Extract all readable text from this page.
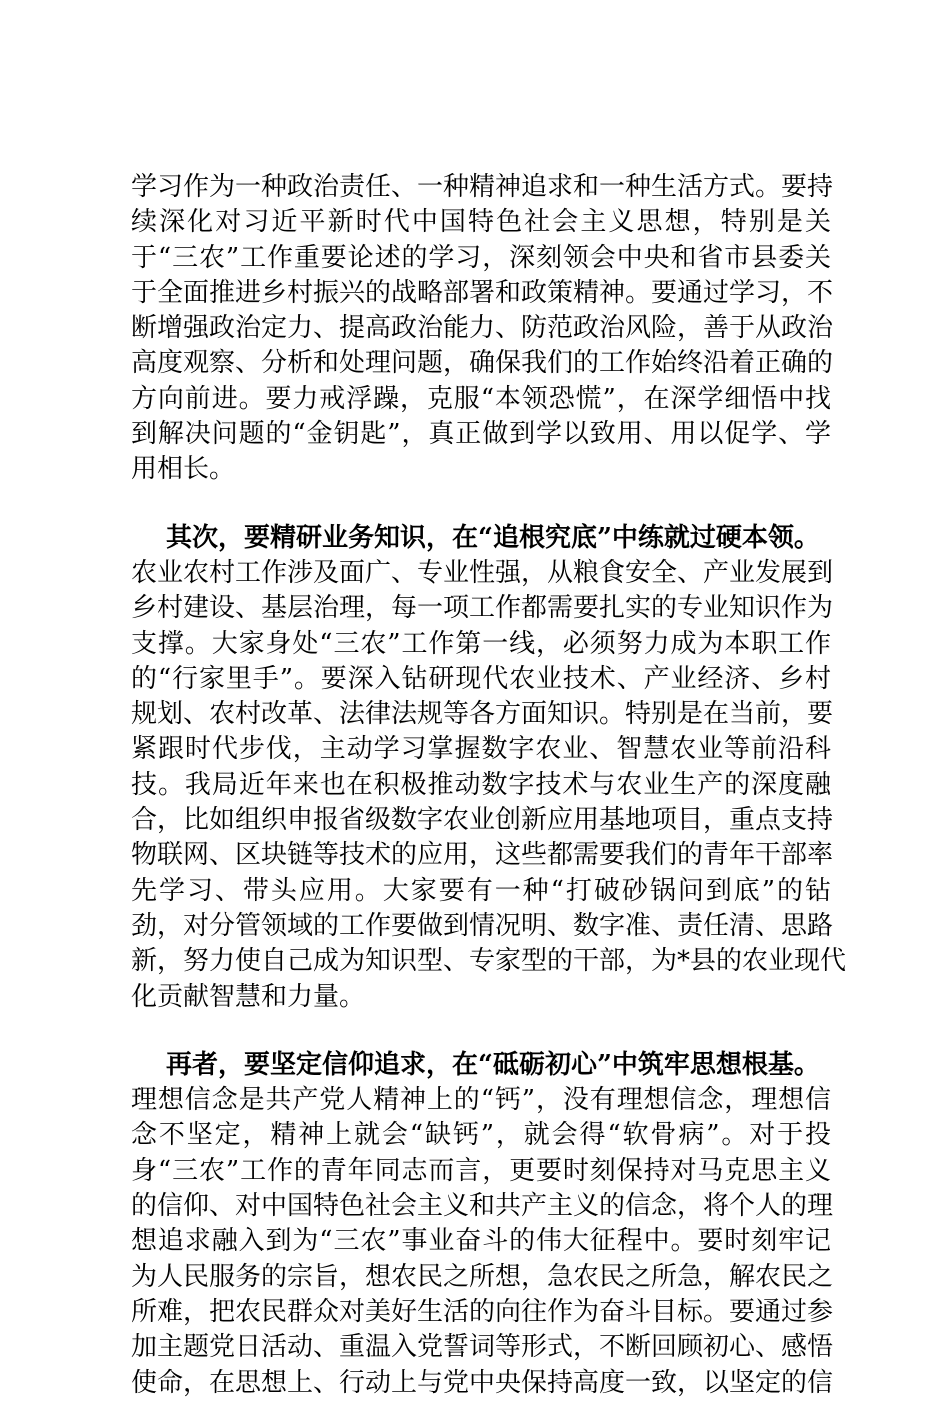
学习作为一种政治责任、一种精神追求和一种生活方式。要持
续深化对习近平新时代中国特色社会主义思想，特别是关
于“三农”工作重要论述的学习，深刻领会中央和省市县委关
于全面推进乡村振兴的战略部署和政策精神。要通过学习，不
断增强政治定力、提高政治能力、防范政治风险，善于从政治
高度观察、分析和处理问题，确保我们的工作始终沿着正确的
方向前进。要力戒浮躁，克服“本领恐慌”，在深学细悟中找
到解决问题的“金钥匙”，真正做到学以致用、用以促学、学
用相长。
其次，要精研业务知识，在“追根究底”中练就过硬本领。
农业农村工作涉及面广、专业性强，从粮食安全、产业发展到
乡村建设、基层治理，每一项工作都需要扎实的专业知识作为
支撑。大家身处“三农”工作第一线，必须努力成为本职工作
的“行家里手”。要深入钻研现代农业技术、产业经济、乡村
规划、农村改革、法律法规等各方面知识。特别是在当前，要
紧跟时代步伐，主动学习掌握数字农业、智慧农业等前沿科
技。我局近年来也在积极推动数字技术与农业生产的深度融
合，比如组织申报省级数字农业创新应用基地项目，重点支持
物联网、区块链等技术的应用，这些都需要我们的青年干部率
先学习、带头应用。大家要有一种“打破砂锅问到底”的钻
劲，对分管领域的工作要做到情况明、数字准、责任清、思路
新，努力使自己成为知识型、专家型的干部，为*县的农业现代
化贡献智慧和力量。
再者，要坚定信仰追求，在“砥砺初心”中筑牢思想根基。
理想信念是共产党人精神上的“钙”，没有理想信念，理想信
念不坚定，精神上就会“缺钙”，就会得“软骨病”。对于投
身“三农”工作的青年同志而言，更要时刻保持对马克思主义
的信仰、对中国特色社会主义和共产主义的信念，将个人的理
想追求融入到为“三农”事业奋斗的伟大征程中。要时刻牢记
为人民服务的宗旨，想农民之所想，急农民之所急，解农民之
所难，把农民群众对美好生活的向往作为奋斗目标。要通过参
加主题党日活动、重温入党誓词等形式，不断回顾初心、感悟
使命，在思想上、行动上与党中央保持高度一致，以坚定的信
